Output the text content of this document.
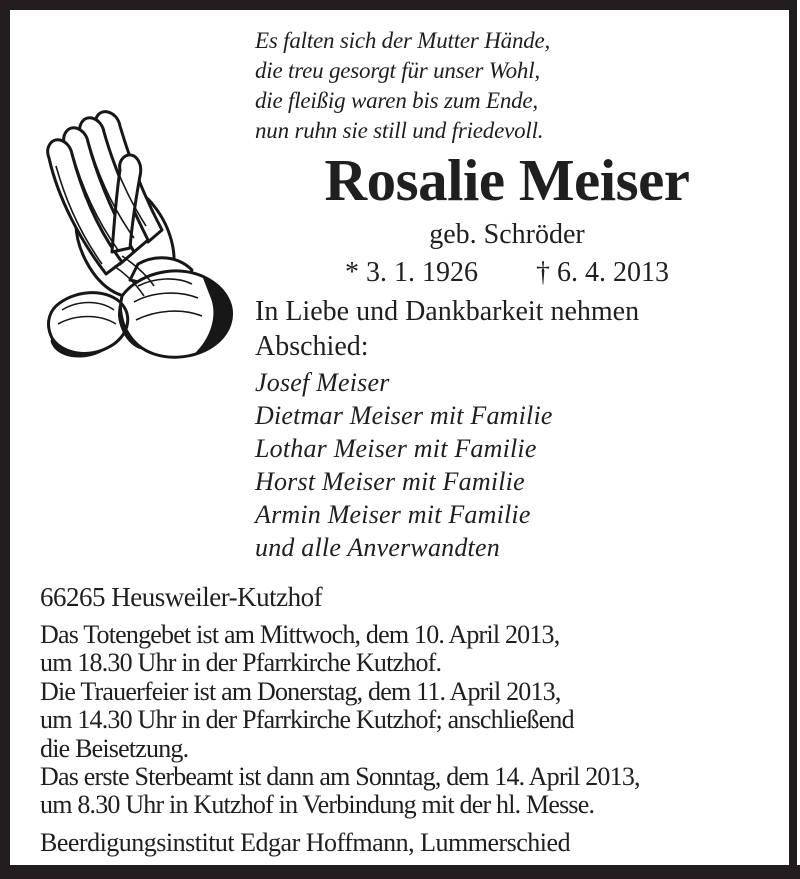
Es falten sich der Mutter Hände,
die treu gesorgt für unser Wohl,
die fleißig waren bis zum Ende,
nun ruhn sie still und friedevoll.
Rosalie Meiser
geb. Schröder
* 3. 1. 1926 † 6. 4. 2013
In Liebe und Dankbarkeit nehmen
Abschied:
Josef Meiser
Dietmar Meiser mit Familie
Lothar Meiser mit Familie
Horst Meiser mit Familie
Armin Meiser mit Familie
und alle Anverwandten
66265 Heusweiler-Kutzhof
Das Totengebet ist am Mittwoch, dem 10. April 2013,
um 18.30 Uhr in der Pfarrkirche Kutzhof.
Die Trauerfeier ist am Donerstag, dem 11. April 2013,
um 14.30 Uhr in der Pfarrkirche Kutzhof; anschließend
die Beisetzung.
Das erste Sterbeamt ist dann am Sonntag, dem 14. April 2013,
um 8.30 Uhr in Kutzhof in Verbindung mit der hl. Messe.
Beerdigungsinstitut Edgar Hoffmann, Lummerschied
